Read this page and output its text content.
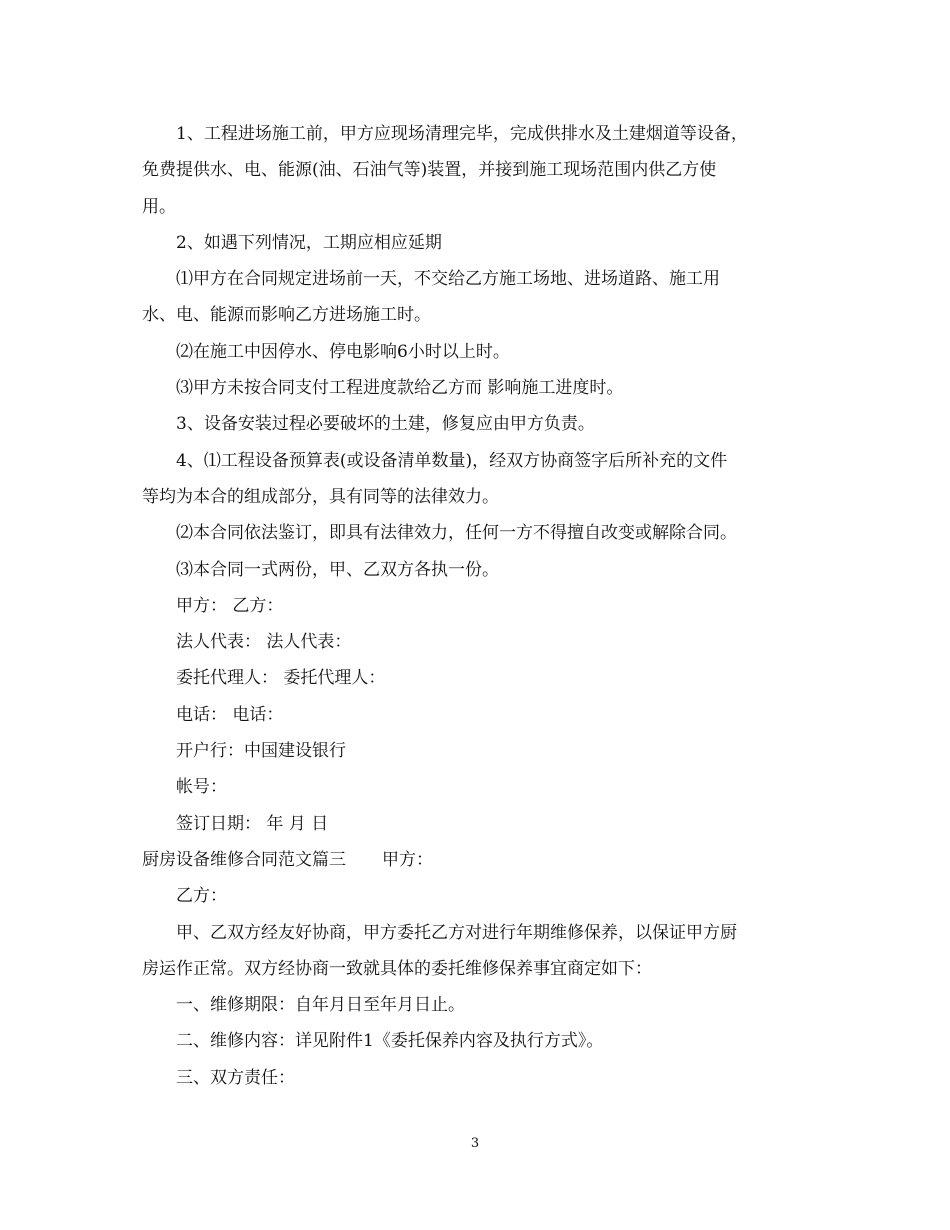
1、工程进场施工前，甲方应现场清理完毕，完成供排水及土建烟道等设备，
免费提供水、电、能源(油、石油气等)装置，并接到施工现场范围内供乙方使
用。
2、如遇下列情况，工期应相应延期
⑴甲方在合同规定进场前一天，不交给乙方施工场地、进场道路、施工用
水、电、能源而影响乙方进场施工时。
⑵在施工中因停水、停电影响6小时以上时。
⑶甲方未按合同支付工程进度款给乙方而 影响施工进度时。
3、设备安装过程必要破坏的土建，修复应由甲方负责。
4、⑴工程设备预算表(或设备清单数量)，经双方协商签字后所补充的文件
等均为本合的组成部分，具有同等的法律效力。
⑵本合同依法鉴订，即具有法律效力，任何一方不得擅自改变或解除合同。
⑶本合同一式两份，甲、乙双方各执一份。
甲方： 乙方：
法人代表： 法人代表：
委托代理人： 委托代理人：
电话： 电话：
开户行：中国建设银行
帐号：
签订日期： 年 月 日
厨房设备维修合同范文篇三 甲方：
乙方：
甲、乙双方经友好协商，甲方委托乙方对进行年期维修保养，以保证甲方厨
房运作正常。双方经协商一致就具体的委托维修保养事宜商定如下：
一、维修期限：自年月日至年月日止。
二、维修内容：详见附件1《委托保养内容及执行方式》。
三、双方责任：
3
